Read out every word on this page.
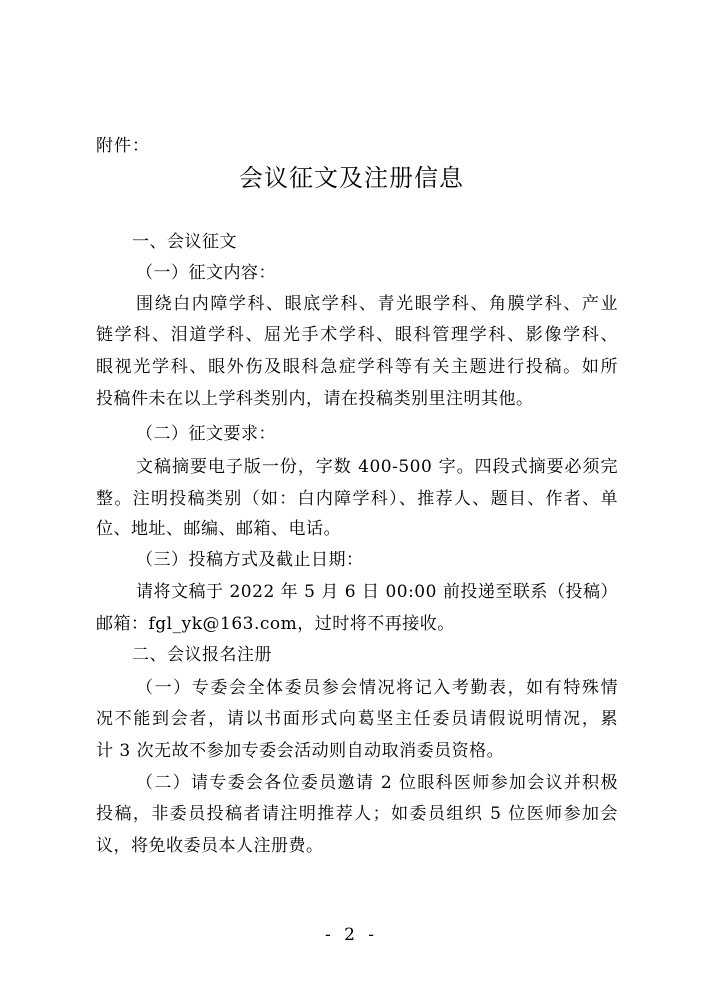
附件：
会议征文及注册信息
一、会议征文
（一）征文内容：
围绕白内障学科、眼底学科、青光眼学科、角膜学科、产业
链学科、泪道学科、屈光手术学科、眼科管理学科、影像学科、
眼视光学科、眼外伤及眼科急症学科等有关主题进行投稿。如所
投稿件未在以上学科类别内，请在投稿类别里注明其他。
（二）征文要求：
文稿摘要电子版一份，字数 400-500 字。四段式摘要必须完
整。注明投稿类别（如：白内障学科）、推荐人、题目、作者、单
位、地址、邮编、邮箱、电话。
（三）投稿方式及截止日期：
请将文稿于 2022 年 5 月 6 日 00:00 前投递至联系（投稿）
邮箱：fgl_yk@163.com，过时将不再接收。
二、会议报名注册
（一）专委会全体委员参会情况将记入考勤表，如有特殊情
况不能到会者，请以书面形式向葛坚主任委员请假说明情况，累
计 3 次无故不参加专委会活动则自动取消委员资格。
（二）请专委会各位委员邀请 2 位眼科医师参加会议并积极
投稿，非委员投稿者请注明推荐人；如委员组织 5 位医师参加会
议，将免收委员本人注册费。
- 2 -
